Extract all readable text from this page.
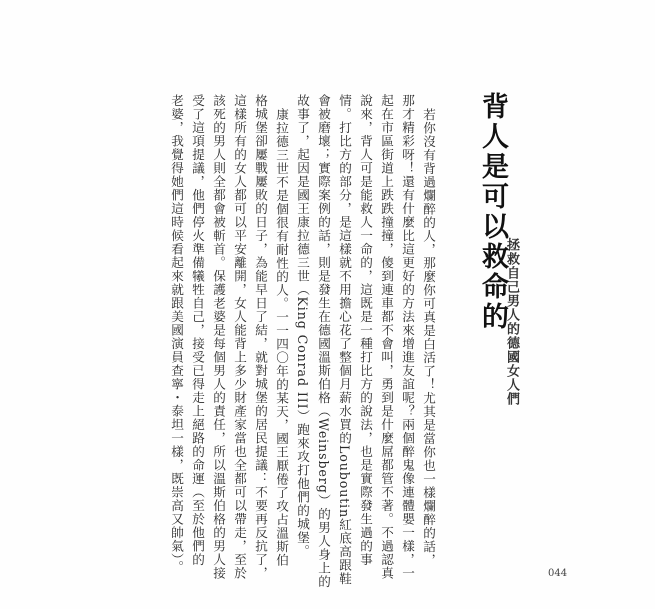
背人是可以救命的
拯救自己男人的德國女人們
若你沒有背過爛醉的人，那麼你可真是白活了！尤其是當你也一樣爛醉的話，
那才精彩呀！還有什麼比這更好的方法來增進友誼呢？兩個醉鬼像連體嬰一樣，一
起在市區街道上跌跌撞撞，傻到連車都不會叫，勇到是什麼屌都管不著。不過認真
說來，背人可是能救人一命的，這既是一種打比方的說法，也是實際發生過的事
情。打比方的部分，是這樣就不用擔心花了整個月薪水買的Louboutin紅底高跟鞋
會被磨壞；實際案例的話，則是發生在德國溫斯伯格（Weinsberg）的男人身上的
故事了，起因是國王康拉德三世（King Conrad III）跑來攻打他們的城堡。
康拉德三世不是個很有耐性的人。一一四〇年的某天，國王厭倦了攻占溫斯伯
格城堡卻屢戰屢敗的日子，為能早日了結，就對城堡的居民提議：不要再反抗了，
這樣所有的女人都可以平安離開，女人能背上多少財產家當也全都可以帶走，至於
該死的男人則全都會被斬首。保護老婆是每個男人的責任，所以溫斯伯格的男人接
受了這項提議，他們停火準備犧牲自己，接受已得走上絕路的命運（至於他們的
老婆，我覺得她們這時候看起來就跟美國演員查寧・泰坦一樣，既崇高又帥氣）。	044
